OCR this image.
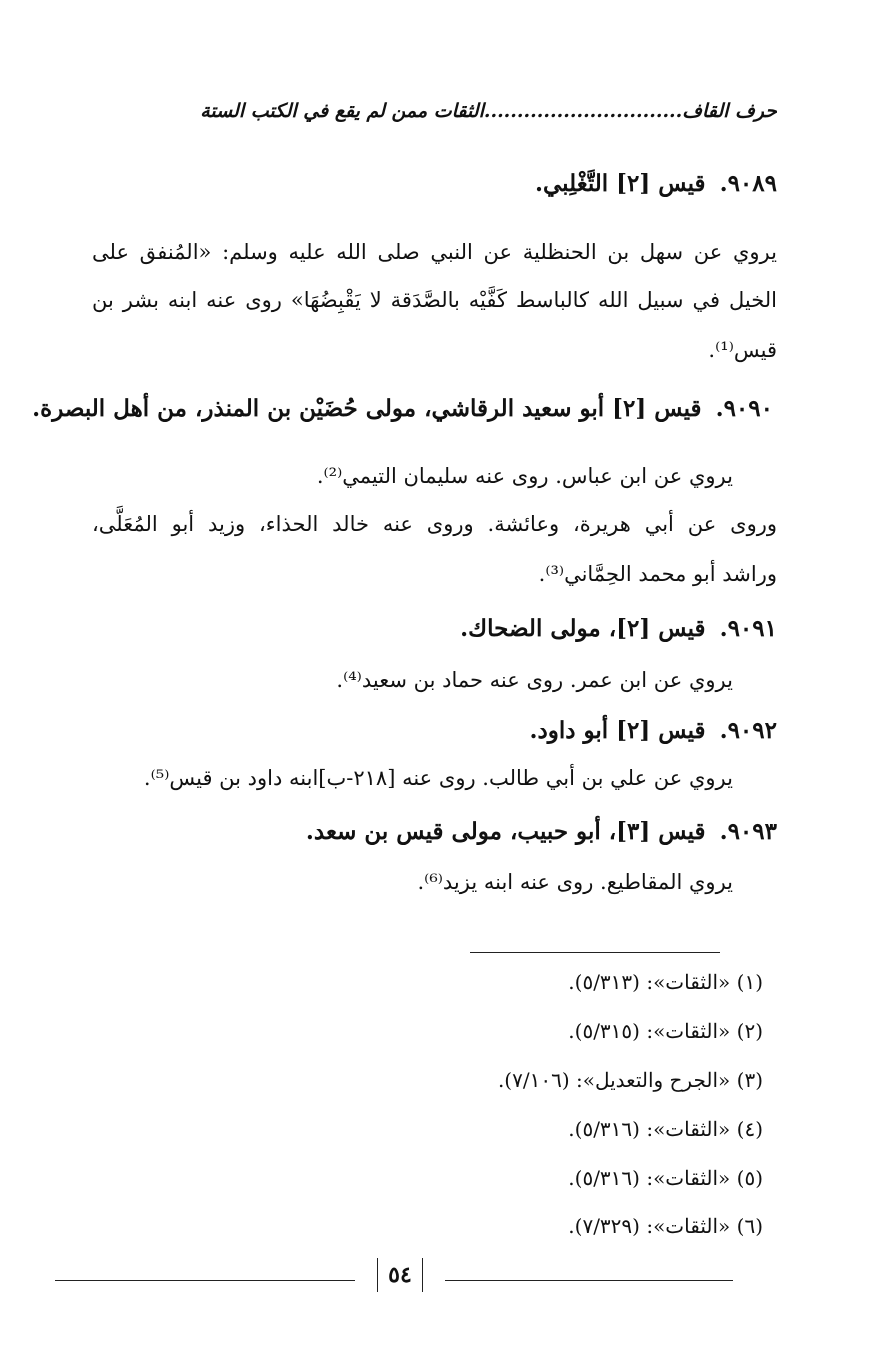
حرف القاف..............................الثقات ممن لم يقع في الكتب الستة
٩٠٨٩.قيس [٢] التَّغْلِبي.
يروي عن سهل بن الحنظلية عن النبي صلى الله عليه وسلم: «المُنفق على
الخيل في سبيل الله كالباسط كَفَّيْه بالصَّدَقة لا يَقْبِضُهَا» روى عنه ابنه بشر بن
قيس⁽¹⁾.
٩٠٩٠.قيس [٢] أبو سعيد الرقاشي، مولى حُضَيْن بن المنذر، من أهل البصرة.
يروي عن ابن عباس. روى عنه سليمان التيمي⁽²⁾.
وروى عن أبي هريرة، وعائشة. وروى عنه خالد الحذاء، وزيد أبو المُعَلَّى،
وراشد أبو محمد الحِمَّاني⁽³⁾.
٩٠٩١.قيس [٢]، مولى الضحاك.
يروي عن ابن عمر. روى عنه حماد بن سعيد⁽⁴⁾.
٩٠٩٢.قيس [٢] أبو داود.
يروي عن علي بن أبي طالب. روى عنه [٢١٨-ب]ابنه داود بن قيس⁽⁵⁾.
٩٠٩٣.قيس [٣]، أبو حبيب، مولى قيس بن سعد.
يروي المقاطيع. روى عنه ابنه يزيد⁽⁶⁾.
(١) «الثقات»: (٥/٣١٣).
(٢) «الثقات»: (٥/٣١٥).
(٣) «الجرح والتعديل»: (٧/١٠٦).
(٤) «الثقات»: (٥/٣١٦).
(٥) «الثقات»: (٥/٣١٦).
(٦) «الثقات»: (٧/٣٢٩).
٥٤
